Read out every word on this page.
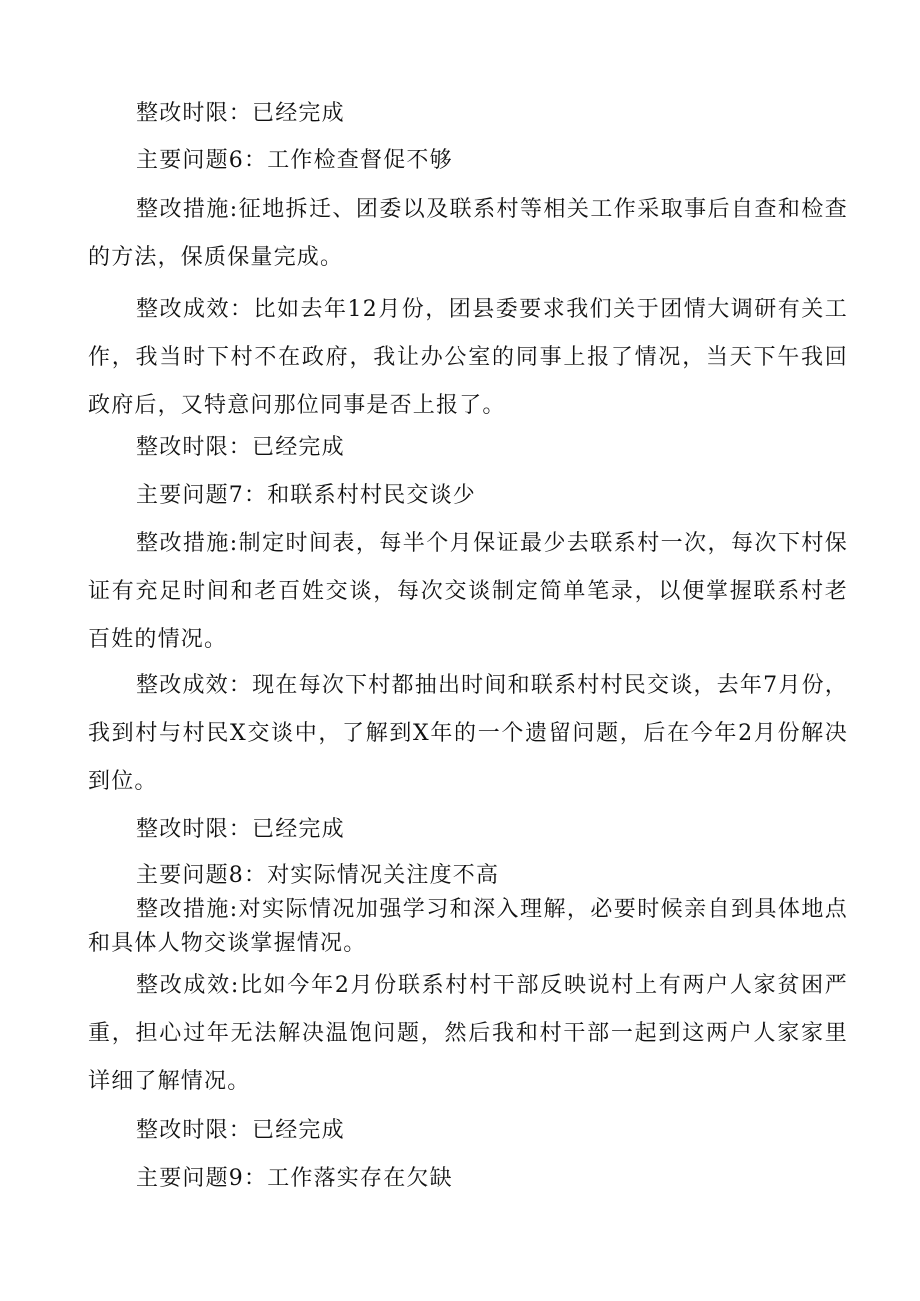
整改时限：已经完成

主要问题6：工作检查督促不够

整改措施:征地拆迁、团委以及联系村等相关工作采取事后自查和检查的方法，保质保量完成。

整改成效：比如去年12月份，团县委要求我们关于团情大调研有关工作，我当时下村不在政府，我让办公室的同事上报了情况，当天下午我回政府后，又特意问那位同事是否上报了。

整改时限：已经完成

主要问题7：和联系村村民交谈少

整改措施:制定时间表，每半个月保证最少去联系村一次，每次下村保证有充足时间和老百姓交谈，每次交谈制定简单笔录，以便掌握联系村老百姓的情况。

整改成效：现在每次下村都抽出时间和联系村村民交谈，去年7月份，我到村与村民X交谈中，了解到X年的一个遗留问题，后在今年2月份解决到位。

整改时限：已经完成

主要问题8：对实际情况关注度不高

整改措施:对实际情况加强学习和深入理解，必要时候亲自到具体地点和具体人物交谈掌握情况。

整改成效:比如今年2月份联系村村干部反映说村上有两户人家贫困严重，担心过年无法解决温饱问题，然后我和村干部一起到这两户人家家里详细了解情况。

整改时限：已经完成

主要问题9：工作落实存在欠缺
